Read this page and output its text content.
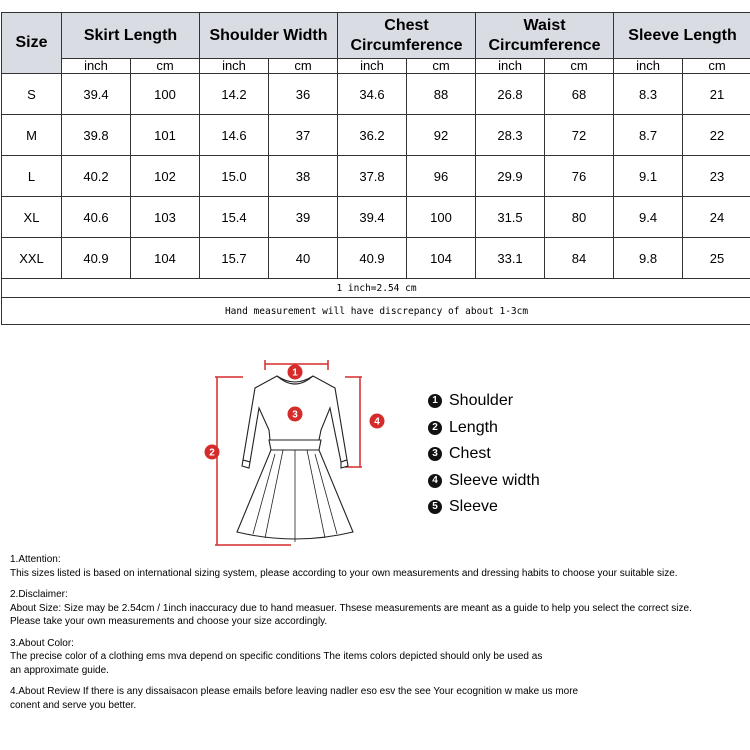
Size	Skirt Length		Shoulder Width		Chest Circumference		Waist Circumference		Sleeve Length	
	inch	cm	inch	cm	inch	cm	inch	cm	inch	cm
S	39.4	100	14.2	36	34.6	88	26.8	68	8.3	21
M	39.8	101	14.6	37	36.2	92	28.3	72	8.7	22
L	40.2	102	15.0	38	37.8	96	29.9	76	9.1	23
XL	40.6	103	15.4	39	39.4	100	31.5	80	9.4	24
XXL	40.9	104	15.7	40	40.9	104	33.1	84	9.8	25
1 inch=2.54 cm										
Hand measurement will have discrepancy of about 1-3cm										
1
3
2
4
1 Shoulder
2 Length
3 Chest
4 Sleeve width
5 Sleeve

1.Attention:

This sizes listed is based on international sizing system, please according to your own measurements and dressing habits to choose your suitable size.

2.Disclaimer:

About Size: Size may be 2.54cm / 1inch inaccuracy due to hand measuer. Thsese measurements are meant as a guide to help you select the correct size.

Please take your own measurements and choose your size accordingly.

3.About Color:

The precise color of a clothing ems mva depend on specific conditions The items colors depicted should only be used as

an approximate guide.

4.About Review If there is any dissaisacon please emails before leaving nadler eso esv the see Your ecognition w make us more

conent and serve you better.
